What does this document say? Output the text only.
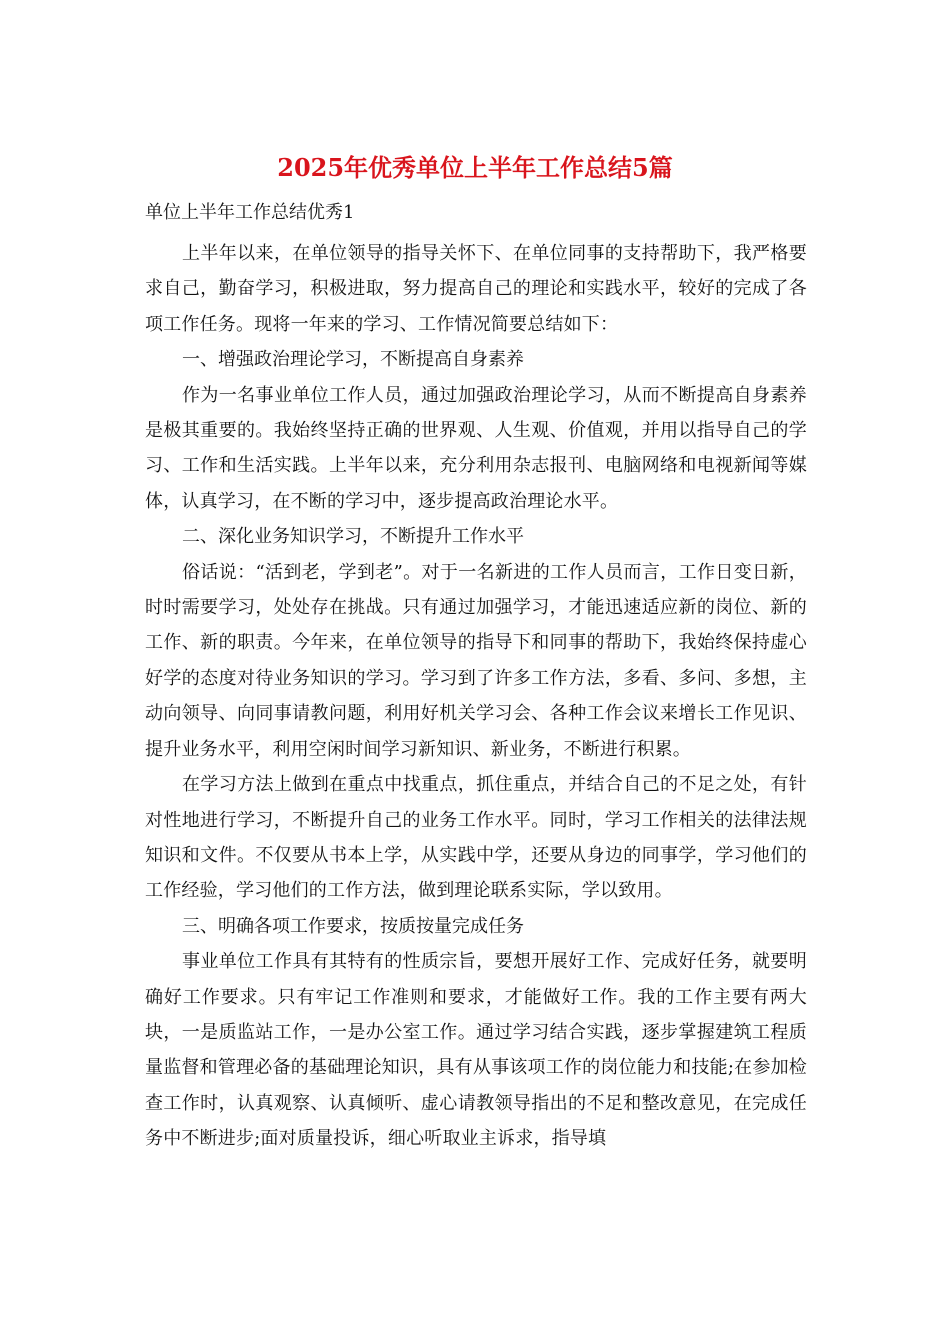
2025年优秀单位上半年工作总结5篇
单位上半年工作总结优秀1

上半年以来，在单位领导的指导关怀下、在单位同事的支持帮助下，我严格要求自己，勤奋学习，积极进取，努力提高自己的理论和实践水平，较好的完成了各项工作任务。现将一年来的学习、工作情况简要总结如下：

一、增强政治理论学习，不断提高自身素养

作为一名事业单位工作人员，通过加强政治理论学习，从而不断提高自身素养是极其重要的。我始终坚持正确的世界观、人生观、价值观，并用以指导自己的学习、工作和生活实践。上半年以来，充分利用杂志报刊、电脑网络和电视新闻等媒体，认真学习，在不断的学习中，逐步提高政治理论水平。

二、深化业务知识学习，不断提升工作水平

俗话说：“活到老，学到老”。对于一名新进的工作人员而言，工作日变日新，时时需要学习，处处存在挑战。只有通过加强学习，才能迅速适应新的岗位、新的工作、新的职责。今年来，在单位领导的指导下和同事的帮助下，我始终保持虚心好学的态度对待业务知识的学习。学习到了许多工作方法，多看、多问、多想，主动向领导、向同事请教问题，利用好机关学习会、各种工作会议来增长工作见识、提升业务水平，利用空闲时间学习新知识、新业务，不断进行积累。

在学习方法上做到在重点中找重点，抓住重点，并结合自己的不足之处，有针对性地进行学习，不断提升自己的业务工作水平。同时，学习工作相关的法律法规知识和文件。不仅要从书本上学，从实践中学，还要从身边的同事学，学习他们的工作经验，学习他们的工作方法，做到理论联系实际，学以致用。

三、明确各项工作要求，按质按量完成任务

事业单位工作具有其特有的性质宗旨，要想开展好工作、完成好任务，就要明确好工作要求。只有牢记工作准则和要求，才能做好工作。我的工作主要有两大块，一是质监站工作，一是办公室工作。通过学习结合实践，逐步掌握建筑工程质量监督和管理必备的基础理论知识，具有从事该项工作的岗位能力和技能;在参加检查工作时，认真观察、认真倾听、虚心请教领导指出的不足和整改意见，在完成任务中不断进步;面对质量投诉，细心听取业主诉求，指导填
